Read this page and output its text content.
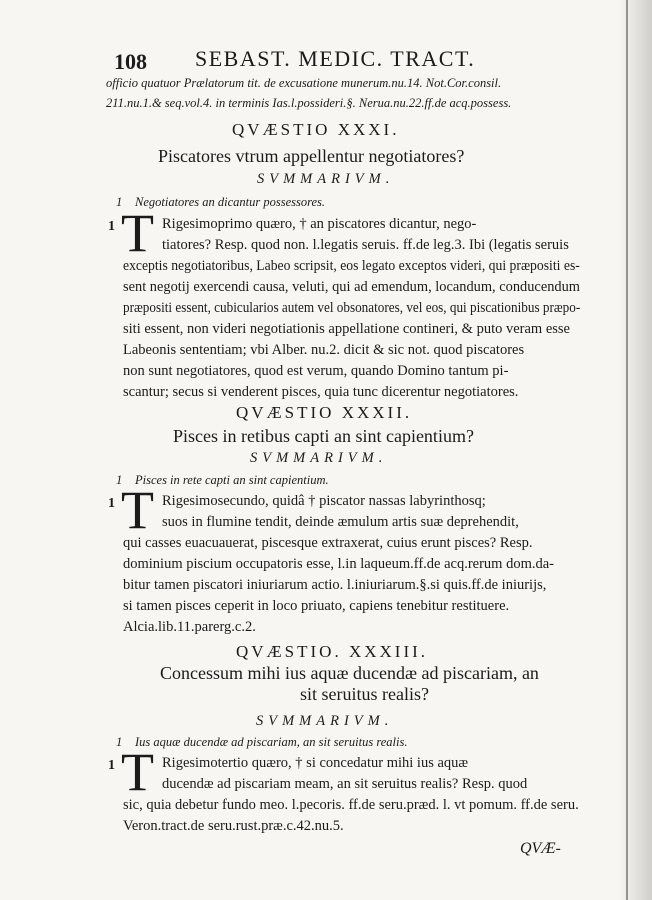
108 SEBAST. MEDIC. TRACT.
officio quatuor Prælatorum tit. de excusatione munerum.nu.14. Not.Cor.consil.
211.nu.1.& seq.vol.4. in terminis Ias.l.possideri.§. Nerua.nu.22.ff.de acq.possess.
QVÆSTIO XXXI.
Piscatores vtrum appellentur negotiatores?
SVMMARIVM.
1 Negotiatores an dicantur possessores.
1 T Rigesimoprimo quæro, † an piscatores dicantur, nego-
tiatores? Resp. quod non. l.legatis seruis. ff.de leg.3. Ibi (legatis seruis
exceptis negotiatoribus, Labeo scripsit, eos legato exceptos videri, qui præpositi es-
sent negotij exercendi causa, veluti, qui ad emendum, locandum, conducendum
præpositi essent, cubicularios autem vel obsonatores, vel eos, qui piscationibus præpo-
siti essent, non videri negotiationis appellatione contineri, & puto veram esse
Labeonis sententiam; vbi Alber. nu.2. dicit & sic not. quod piscatores
non sunt negotiatores, quod est verum, quando Domino tantum pi-
scantur; secus si venderent pisces, quia tunc dicerentur negotiatores.
QVÆSTIO XXXII.
Pisces in retibus capti an sint capientium?
SVMMARIVM.
1 Pisces in rete capti an sint capientium.
1 T Rigesimosecundo, quidâ † piscator nassas labyrinthosq;
suos in flumine tendit, deinde æmulum artis suæ deprehendit,
qui casses euacuauerat, piscesque extraxerat, cuius erunt pisces? Resp.
dominium piscium occupatoris esse, l.in laqueum.ff.de acq.rerum dom.da-
bitur tamen piscatori iniuriarum actio. l.iniuriarum.§.si quis.ff.de iniurijs,
si tamen pisces ceperit in loco priuato, capiens tenebitur restituere.
Alcia.lib.11.parerg.c.2.
QVÆSTIO. XXXIII.
Concessum mihi ius aquæ ducendæ ad piscariam, an
sit seruitus realis?
SVMMARIVM.
1 Ius aquæ ducendæ ad piscariam, an sit seruitus realis.
1 T Rigesimotertio quæro, † si concedatur mihi ius aquæ
ducendæ ad piscariam meam, an sit seruitus realis? Resp. quod
sic, quia debetur fundo meo. l.pecoris. ff.de seru.præd. l. vt pomum. ff.de seru.
Veron.tract.de seru.rust.præ.c.42.nu.5.
QVÆ-
